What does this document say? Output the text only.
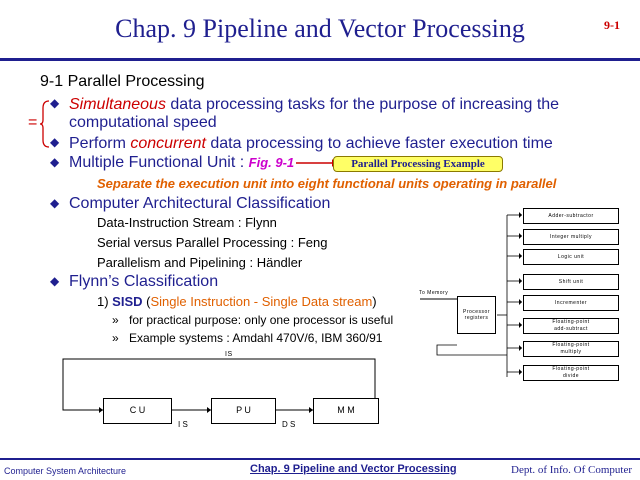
Chap. 9 Pipeline and Vector Processing	9-1
9-1 Parallel Processing
=
◆ Simultaneous data processing tasks for the purpose of increasing the
computational speed
◆ Perform concurrent data processing to achieve faster execution time
◆ Multiple Functional Unit : Fig. 9-1	Parallel Processing Example
Separate the execution unit into eight functional units operating in parallel
◆ Computer Architectural Classification
Data-Instruction Stream : Flynn
Serial versus Parallel Processing : Feng
Parallelism and Pipelining : Händler
◆ Flynn’s Classification
1) SISD (Single Instruction - Single Data stream)
» for practical purpose: only one processor is useful
» Example systems : Amdahl 470V/6, IBM 360/91
IS
C U	P U	M M
I S	D S
To Memory
Processor
registers
Adder-subtractor
Integer multiply
Logic unit
Shift unit
Incrementer
Floating-point
add-subtract
Floating-point
multiply
Floating-point
divide
Computer System Architecture	Chap. 9 Pipeline and Vector Processing	Dept. of Info. Of Computer
